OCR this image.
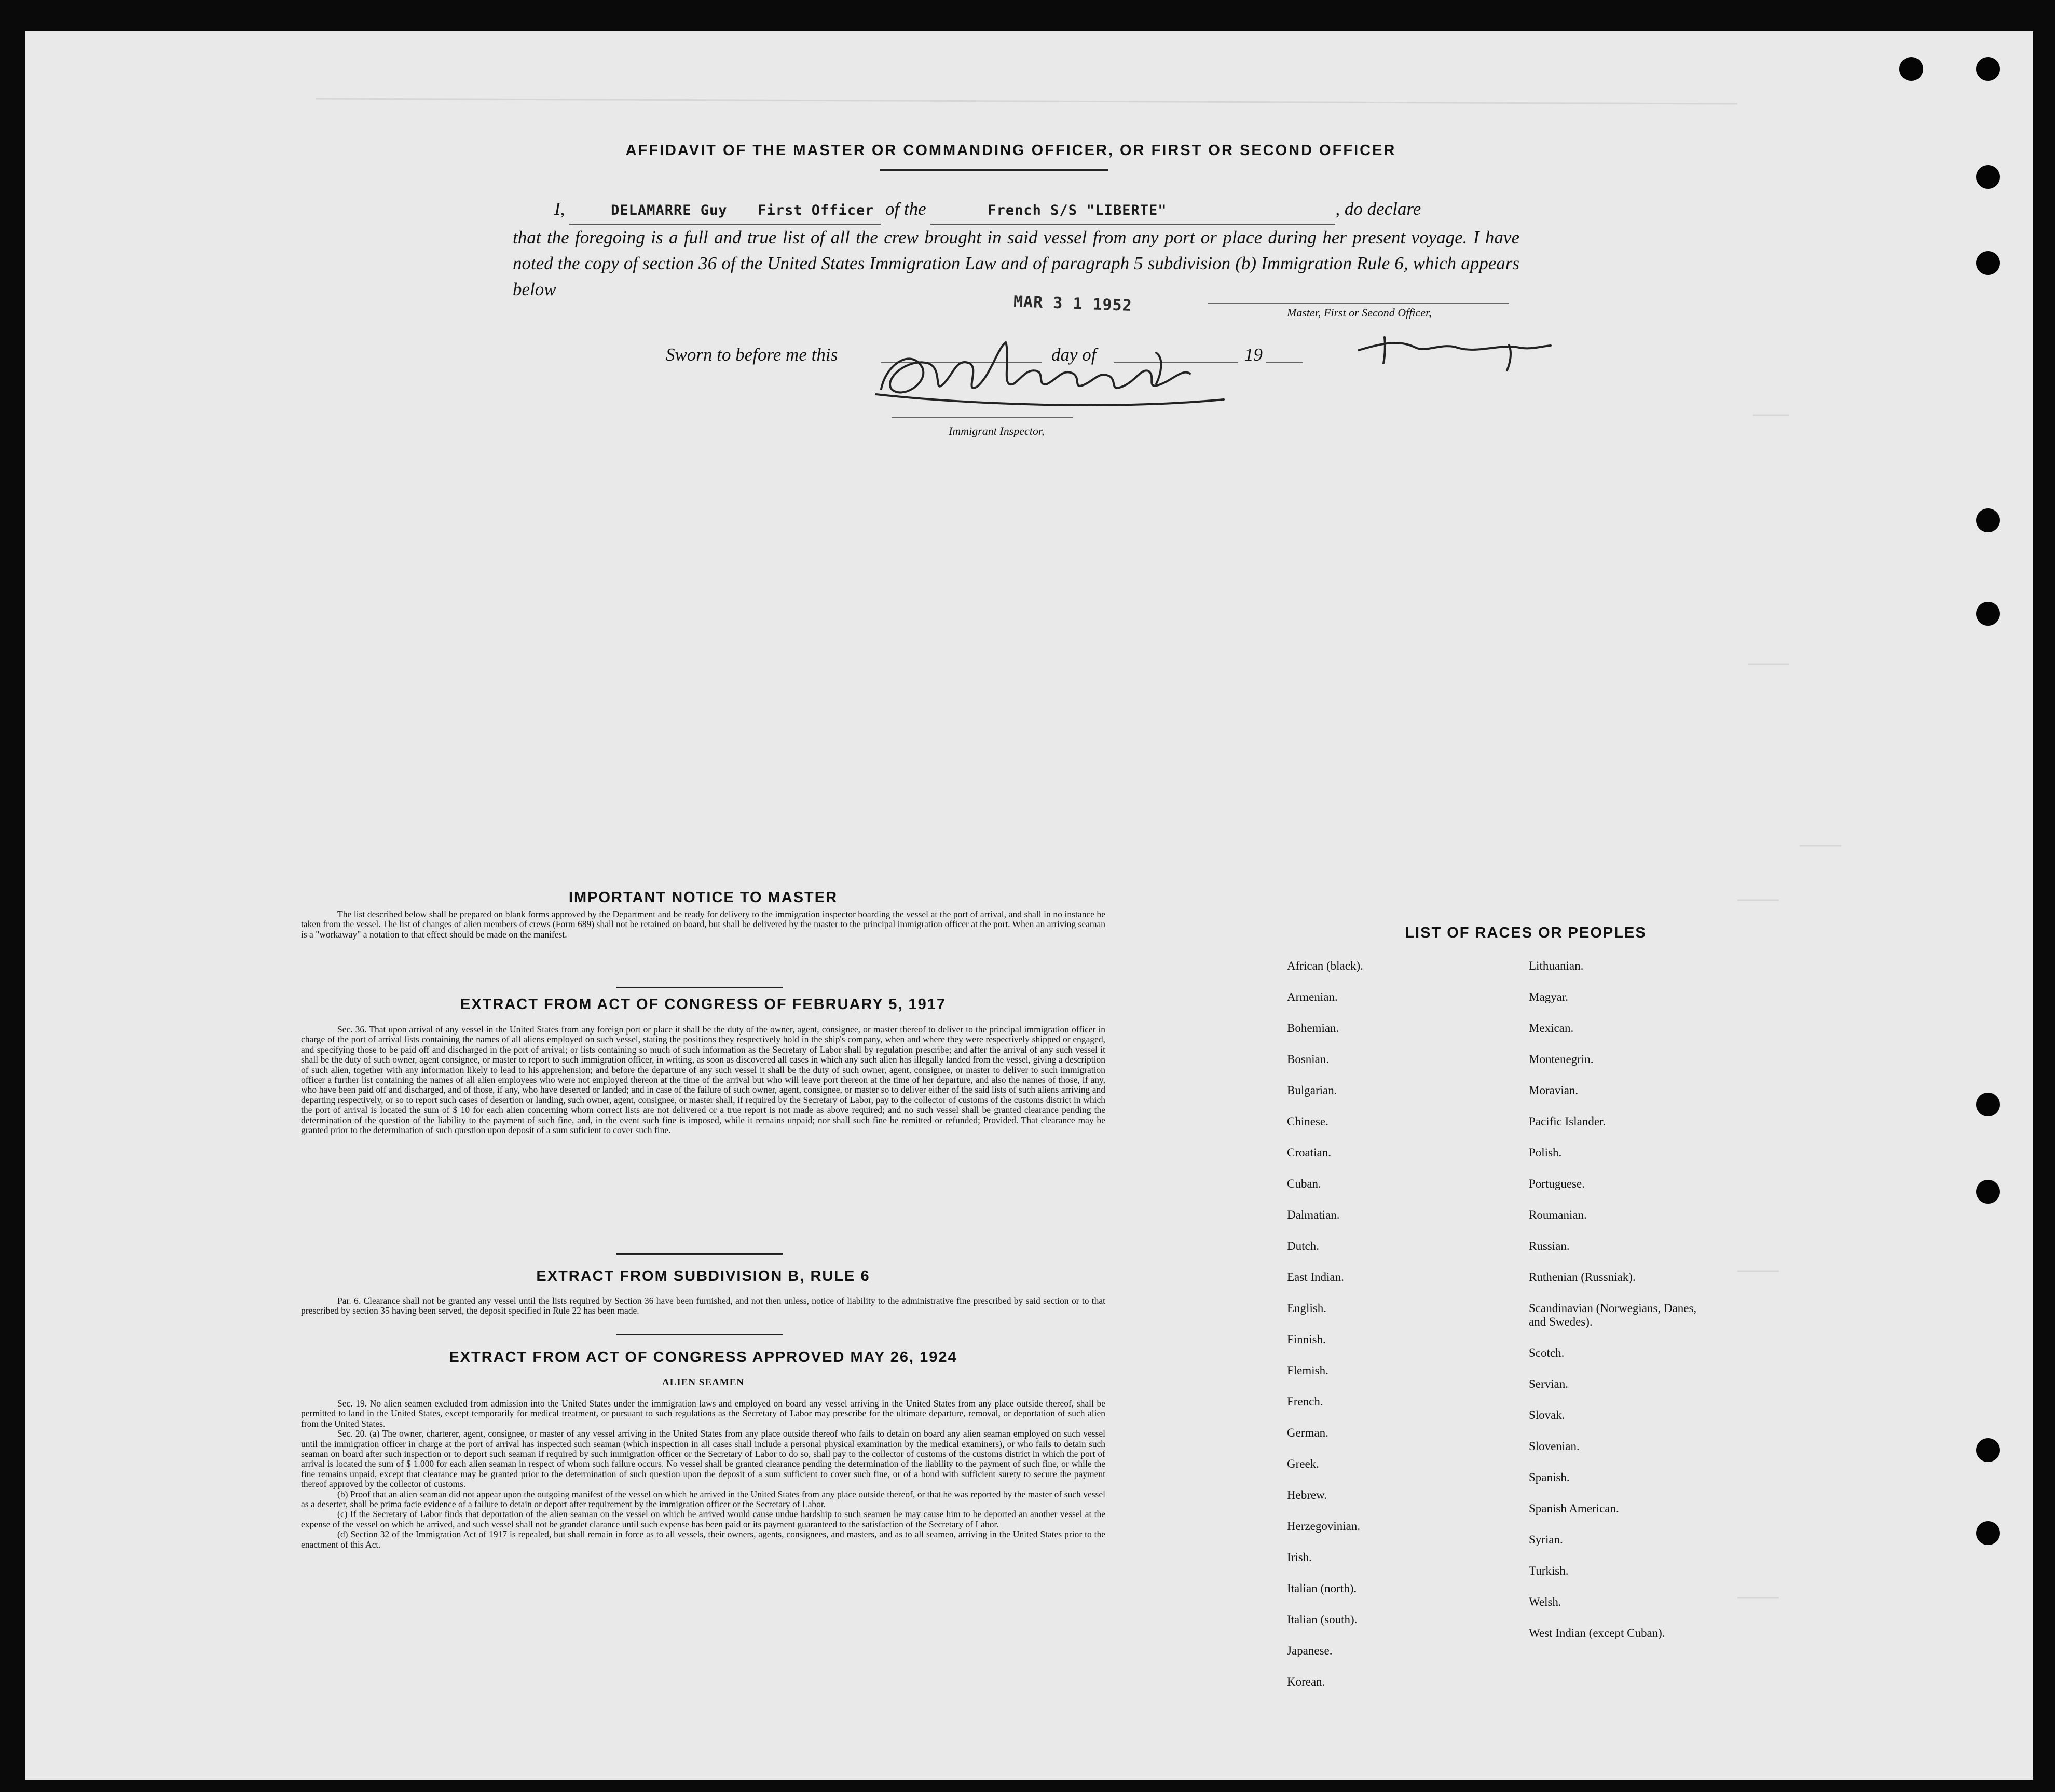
AFFIDAVIT OF THE MASTER OR COMMANDING OFFICER, OR FIRST OR SECOND OFFICER
I,	DELAMARRE Guy First Officer of the	French S/S "LIBERTE"	, do declare
that the foregoing is a full and true list of all the crew brought in said vessel from any port or place during her present voyage. I have noted the copy of section 36 of the United States Immigration Law and of paragraph 5 subdivision (b) Immigration Rule 6, which appears below
MAR 3 1 1952	Master, First or Second Officer,
Sworn to before me this	day of	19
Immigrant Inspector,
IMPORTANT NOTICE TO MASTER

The list described below shall be prepared on blank forms approved by the Department and be ready for delivery to the immigration inspector boarding the vessel at the port of arrival, and shall in no instance be taken from the vessel. The list of changes of alien members of crews (Form 689) shall not be retained on board, but shall be delivered by the master to the principal immigration officer at the port. When an arriving seaman is a "workaway" a notation to that effect should be made on the manifest.

EXTRACT FROM ACT OF CONGRESS OF FEBRUARY 5, 1917

Sec. 36. That upon arrival of any vessel in the United States from any foreign port or place it shall be the duty of the owner, agent, consignee, or master thereof to deliver to the principal immigration officer in charge of the port of arrival lists containing the names of all aliens employed on such vessel, stating the positions they respectively hold in the ship's company, when and where they were respectively shipped or engaged, and specifying those to be paid off and discharged in the port of arrival; or lists containing so much of such information as the Secretary of Labor shall by regulation prescribe; and after the arrival of any such vessel it shall be the duty of such owner, agent consignee, or master to report to such immigration officer, in writing, as soon as discovered all cases in which any such alien has illegally landed from the vessel, giving a description of such alien, together with any information likely to lead to his apprehension; and before the departure of any such vessel it shall be the duty of such owner, agent, consignee, or master to deliver to such immigration officer a further list containing the names of all alien employees who were not employed thereon at the time of the arrival but who will leave port thereon at the time of her departure, and also the names of those, if any, who have been paid off and discharged, and of those, if any, who have deserted or landed; and in case of the failure of such owner, agent, consignee, or master so to deliver either of the said lists of such aliens arriving and departing respectively, or so to report such cases of desertion or landing, such owner, agent, consignee, or master shall, if required by the Secretary of Labor, pay to the collector of customs of the customs district in which the port of arrival is located the sum of $ 10 for each alien concerning whom correct lists are not delivered or a true report is not made as above required; and no such vessel shall be granted clearance pending the determination of the question of the liability to the payment of such fine, and, in the event such fine is imposed, while it remains unpaid; nor shall such fine be remitted or refunded; Provided. That clearance may be granted prior to the determination of such question upon deposit of a sum suficient to cover such fine.

EXTRACT FROM SUBDIVISION B, RULE 6

Par. 6. Clearance shall not be granted any vessel until the lists required by Section 36 have been furnished, and not then unless, notice of liability to the administrative fine prescribed by said section or to that prescribed by section 35 having been served, the deposit specified in Rule 22 has been made.

EXTRACT FROM ACT OF CONGRESS APPROVED MAY 26, 1924
ALIEN SEAMEN

Sec. 19. No alien seamen excluded from admission into the United States under the immigration laws and employed on board any vessel arriving in the United States from any place outside thereof, shall be permitted to land in the United States, except temporarily for medical treatment, or pursuant to such regulations as the Secretary of Labor may prescribe for the ultimate departure, removal, or deportation of such alien from the United States.

Sec. 20. (a) The owner, charterer, agent, consignee, or master of any vessel arriving in the United States from any place outside thereof who fails to detain on board any alien seaman employed on such vessel until the immigration officer in charge at the port of arrival has inspected such seaman (which inspection in all cases shall include a personal physical examination by the medical examiners), or who fails to detain such seaman on board after such inspection or to deport such seaman if required by such immigration officer or the Secretary of Labor to do so, shall pay to the collector of customs of the customs district in which the port of arrival is located the sum of $ 1.000 for each alien seaman in respect of whom such failure occurs. No vessel shall be granted clearance pending the determination of the liability to the payment of such fine, or while the fine remains unpaid, except that clearance may be granted prior to the determination of such question upon the deposit of a sum sufficient to cover such fine, or of a bond with sufficient surety to secure the payment thereof approved by the collector of customs.

(b) Proof that an alien seaman did not appear upon the outgoing manifest of the vessel on which he arrived in the United States from any place outside thereof, or that he was reported by the master of such vessel as a deserter, shall be prima facie evidence of a failure to detain or deport after requirement by the immigration officer or the Secretary of Labor.

(c) If the Secretary of Labor finds that deportation of the alien seaman on the vessel on which he arrived would cause undue hardship to such seamen he may cause him to be deported an another vessel at the expense of the vessel on which he arrived, and such vessel shall not be grandet clarance until such expense has been paid or its payment guaranteed to the satisfaction of the Secretary of Labor.

(d) Section 32 of the Immigration Act of 1917 is repealed, but shall remain in force as to all vessels, their owners, agents, consignees, and masters, and as to all seamen, arriving in the United States prior to the enactment of this Act.

LIST OF RACES OR PEOPLES
African (black).
Armenian.
Bohemian.
Bosnian.
Bulgarian.
Chinese.
Croatian.
Cuban.
Dalmatian.
Dutch.
East Indian.
English.
Finnish.
Flemish.
French.
German.
Greek.
Hebrew.
Herzegovinian.
Irish.
Italian (north).
Italian (south).
Japanese.
Korean.
Lithuanian.
Magyar.
Mexican.
Montenegrin.
Moravian.
Pacific Islander.
Polish.
Portuguese.
Roumanian.
Russian.
Ruthenian (Russniak).
Scandinavian (Norwegians, Danes, and Swedes).
Scotch.
Servian.
Slovak.
Slovenian.
Spanish.
Spanish American.
Syrian.
Turkish.
Welsh.
West Indian (except Cuban).
